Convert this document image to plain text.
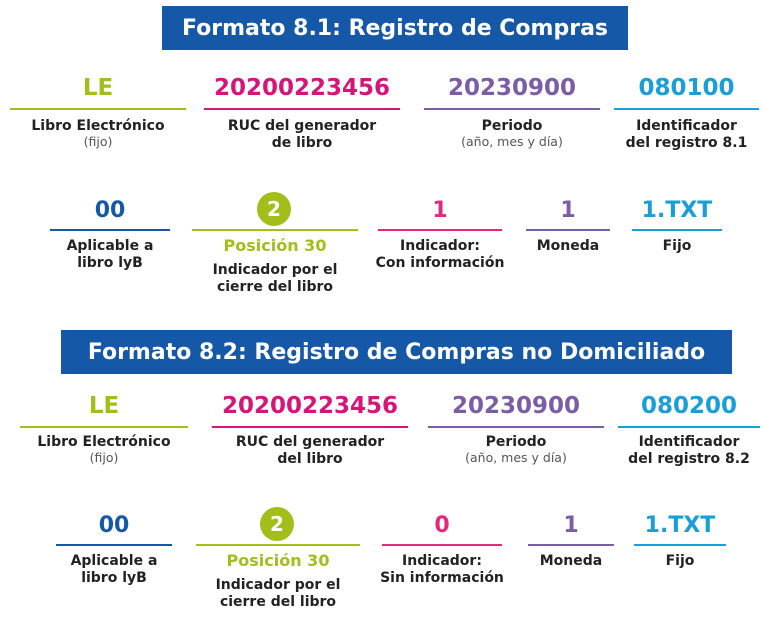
Formato 8.1: Registro de Compras
LE
Libro Electrónico
(fijo)
20200223456
RUC del generador
de libro
20230900
Periodo
(año, mes y día)
080100
Identificador
del registro 8.1
00
Aplicable a
libro lyB
2
Posición 30
Indicador por el
cierre del libro
1
Indicador:
Con información
1
Moneda
1.TXT
Fijo
Formato 8.2: Registro de Compras no Domiciliado
LE
Libro Electrónico
(fijo)
20200223456
RUC del generador
del libro
20230900
Periodo
(año, mes y día)
080200
Identificador
del registro 8.2
00
Aplicable a
libro lyB
2
Posición 30
Indicador por el
cierre del libro
0
Indicador:
Sin información
1
Moneda
1.TXT
Fijo
